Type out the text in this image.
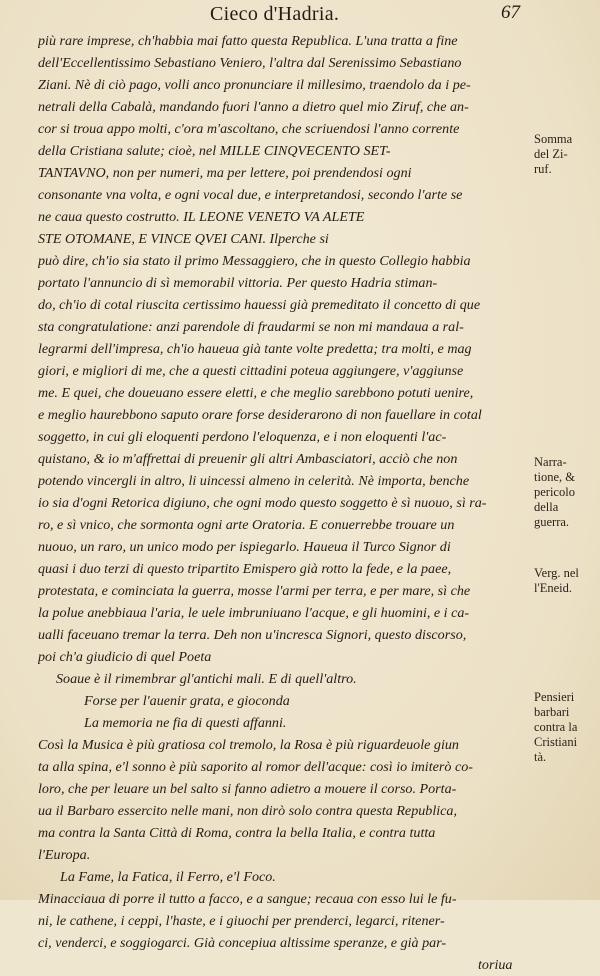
Cieco d'Hadria.	67
più rare imprese, ch'habbia mai fatto questa Republica. L'una tratta a fine
dell'Eccellentissimo Sebastiano Veniero, l'altra dal Serenissimo Sebastiano
Ziani. Nè di ciò pago, volli anco pronunciare il millesimo, traendolo da i pe-
netrali della Cabalà, mandando fuori l'anno a dietro quel mio Ziruf, che an-
cor si troua appo molti, c'ora m'ascoltano, che scriuendosi l'anno corrente
della Cristiana salute; cioè, nel MILLE CINQVECENTO SET-
TANTAVNO, non per numeri, ma per lettere, poi prendendosi ogni
consonante vna volta, e ogni vocal due, e interpretandosi, secondo l'arte se
ne caua questo costrutto. IL LEONE VENETO VA ALETE
STE OTOMANE, E VINCE QVEI CANI. Ilperche si
può dire, ch'io sia stato il primo Messaggiero, che in questo Collegio habbia
portato l'annuncio di sì memorabil vittoria. Per questo Hadria stiman-
do, ch'io di cotal riuscita certissimo hauessi già premeditato il concetto di que
sta congratulatione: anzi parendole di fraudarmi se non mi mandaua a ral-
legrarmi dell'impresa, ch'io haueua già tante volte predetta; tra molti, e mag
giori, e migliori di me, che a questi cittadini poteua aggiungere, v'aggiunse
me. E quei, che doueuano essere eletti, e che meglio sarebbono potuti uenire,
e meglio haurebbono saputo orare forse desiderarono di non fauellare in cotal
soggetto, in cui gli eloquenti perdono l'eloquenza, e i non eloquenti l'ac-
quistano, & io m'affrettai di preuenir gli altri Ambasciatori, acciò che non
potendo vincergli in altro, li uincessi almeno in celerità. Nè importa, benche
io sia d'ogni Retorica digiuno, che ogni modo questo soggetto è sì nuouo, sì ra-
ro, e sì vnico, che sormonta ogni arte Oratoria. E conuerrebbe trouare un
nuouo, un raro, un unico modo per ispiegarlo. Haueua il Turco Signor di
quasi i duo terzi di questo tripartito Emispero già rotto la fede, e la paee,
protestata, e cominciata la guerra, mosse l'armi per terra, e per mare, sì che
la polue anebbiaua l'aria, le uele imbruniuano l'acque, e gli huomini, e i ca-
ualli faceuano tremar la terra. Deh non u'incresca Signori, questo discorso,
poi ch'a giudicio di quel Poeta
Soaue è il rimembrar gl'antichi mali. E di quell'altro.
Forse per l'auenir grata, e gioconda
La memoria ne fia di questi affanni.
Così la Musica è più gratiosa col tremolo, la Rosa è più riguardeuole giun
ta alla spina, e'l sonno è più saporito al romor dell'acque: così io imiterò co-
loro, che per leuare un bel salto si fanno adietro a mouere il corso. Porta-
ua il Barbaro essercito nelle mani, non dirò solo contra questa Republica,
ma contra la Santa Città di Roma, contra la bella Italia, e contra tutta
l'Europa.
La Fame, la Fatica, il Ferro, e'l Foco.
Minacciaua di porre il tutto a facco, e a sangue; recaua con esso lui le fu-
ni, le cathene, i ceppi, l'haste, e i giuochi per prenderci, legarci, ritener-
ci, venderci, e soggiogarci. Già concepiua altissime speranze, e già par-
toriua
Somma
del Zi-
ruf.
Narra-
tione, &
pericolo
della
guerra.
Verg. nel
l'Eneid.
Pensieri
barbari
contra la
Cristiani
tà.
